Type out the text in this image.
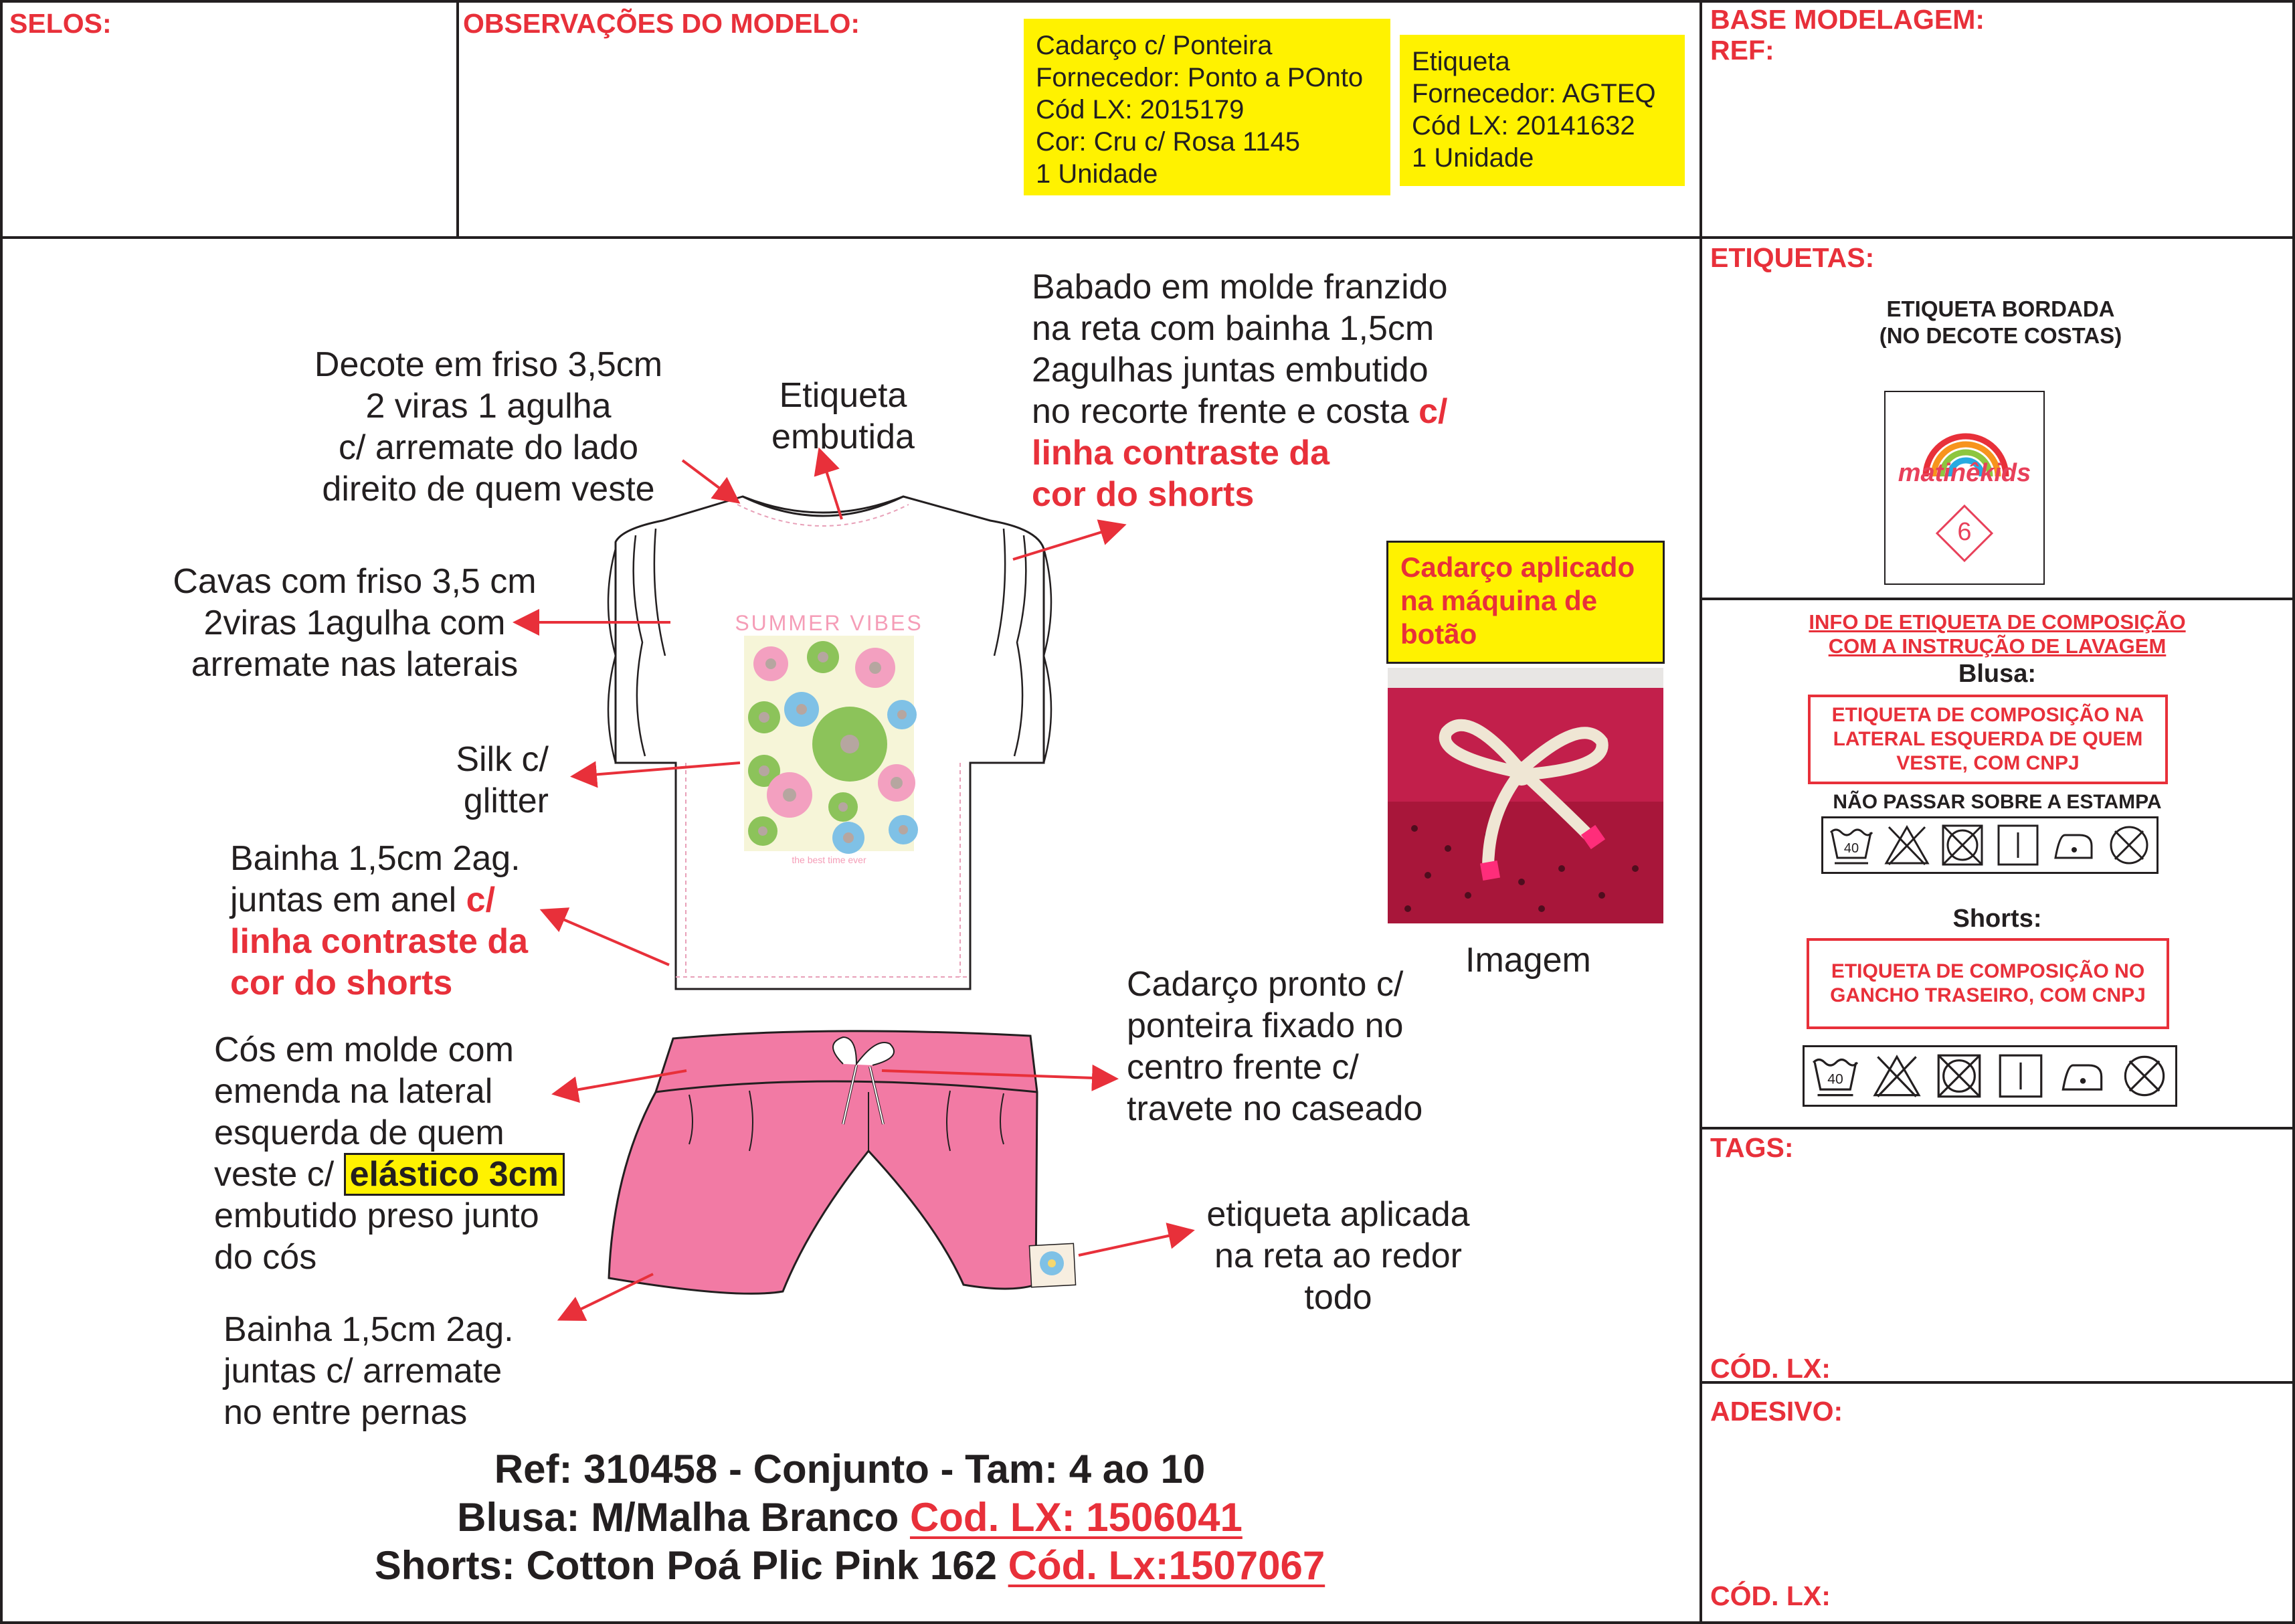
SELOS:	OBSERVAÇÕES DO MODELO:	BASE MODELAGEM:
REF:
ETIQUETAS:
TAGS:
CÓD. LX:
ADESIVO:
CÓD. LX:
Cadarço c/ Ponteira
Fornecedor: Ponto a POnto
Cód LX: 2015179
Cor: Cru c/ Rosa 1145
1 Unidade
Etiqueta
Fornecedor: AGTEQ
Cód LX: 20141632
1 Unidade
ETIQUETA BORDADA
(NO DECOTE COSTAS)
matinêkids
6
INFO DE ETIQUETA DE COMPOSIÇÃO
COM A INSTRUÇÃO DE LAVAGEM
Blusa:
ETIQUETA DE COMPOSIÇÃO NA
LATERAL ESQUERDA DE QUEM
VESTE, COM CNPJ
NÃO PASSAR SOBRE A ESTAMPA
40
Shorts:
ETIQUETA DE COMPOSIÇÃO NO
GANCHO TRASEIRO, COM CNPJ
40
SUMMER VIBES
the best time ever
Cadarço aplicado
na máquina de
botão
Imagem
Decote em friso 3,5cm
2 viras 1 agulha
c/ arremate do lado
direito de quem veste
Etiqueta
embutida
Babado em molde franzido
na reta com bainha 1,5cm
2agulhas juntas embutido
no recorte frente e costa c/
linha contraste da
cor do shorts
Cavas com friso 3,5 cm
2viras 1agulha com
arremate nas laterais
Silk c/
glitter
Bainha 1,5cm 2ag.
juntas em anel c/
linha contraste da
cor do shorts	Cadarço pronto c/
ponteira fixado no
centro frente c/
travete no caseado
Cós em molde com
emenda na lateral
esquerda de quem
veste c/ elástico 3cm
embutido preso junto
do cós
etiqueta aplicada
na reta ao redor
todo
Bainha 1,5cm 2ag.
juntas c/ arremate
no entre pernas
Ref: 310458 - Conjunto - Tam: 4 ao 10
Blusa: M/Malha Branco Cod. LX: 1506041
Shorts: Cotton Poá Plic Pink 162 Cód. Lx:1507067
